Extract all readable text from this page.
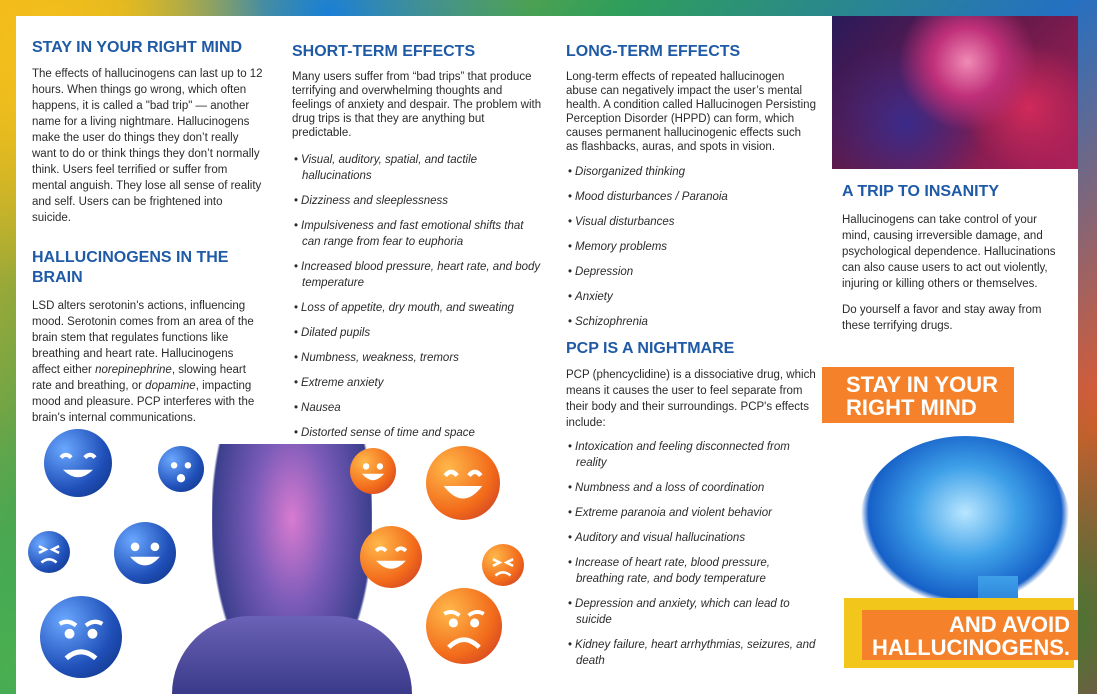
STAY IN YOUR RIGHT MIND

The effects of hallucinogens can last up to 12 hours. When things go wrong, which often happens, it is called a "bad trip" — another name for a living nightmare. Hallucinogens make the user do things they don’t really want to do or think things they don’t normally think. Users feel terrified or suffer from mental anguish. They lose all sense of reality and self. Users can be frightened into suicide.

HALLUCINOGENS IN THE BRAIN

LSD alters serotonin's actions, influencing mood. Serotonin comes from an area of the brain stem that regulates functions like breathing and heart rate. Hallucinogens affect either norepinephrine, slowing heart rate and breathing, or dopamine, impacting mood and pleasure. PCP interferes with the brain's internal communications.

SHORT-TERM EFFECTS

Many users suffer from “bad trips” that produce terrifying and overwhelming thoughts and feelings of anxiety and despair. The problem with drug trips is that they are anything but predictable.

• Visual, auditory, spatial, and tactile hallucinations
• Dizziness and sleeplessness
• Impulsiveness and fast emotional shifts that can range from fear to euphoria
• Increased blood pressure, heart rate, and body temperature
• Loss of appetite, dry mouth, and sweating
• Dilated pupils
• Numbness, weakness, tremors
• Extreme anxiety
• Nausea
• Distorted sense of time and space
LONG-TERM EFFECTS

Long-term effects of repeated hallucinogen abuse can negatively impact the user’s mental health. A condition called Hallucinogen Persisting Perception Disorder (HPPD) can form, which causes permanent hallucinogenic effects such as flashbacks, auras, and spots in vision.

• Disorganized thinking
• Mood disturbances / Paranoia
• Visual disturbances
• Memory problems
• Depression
• Anxiety
• Schizophrenia
PCP IS A NIGHTMARE

PCP (phencyclidine) is a dissociative drug, which means it causes the user to feel separate from their body and their surroundings. PCP's effects include:

• Intoxication and feeling disconnected from reality
• Numbness and a loss of coordination
• Extreme paranoia and violent behavior
• Auditory and visual hallucinations
• Increase of heart rate, blood pressure, breathing rate, and body temperature
• Depression and anxiety, which can lead to suicide
• Kidney failure, heart arrhythmias, seizures, and death
A TRIP TO INSANITY

Hallucinogens can take control of your mind, causing irreversible damage, and psychological dependence. Hallucinations can also cause users to act out violently, injuring or killing others or themselves.

Do yourself a favor and stay away from these terrifying drugs.

STAY IN YOUR
RIGHT MIND
AND AVOID
HALLUCINOGENS.
